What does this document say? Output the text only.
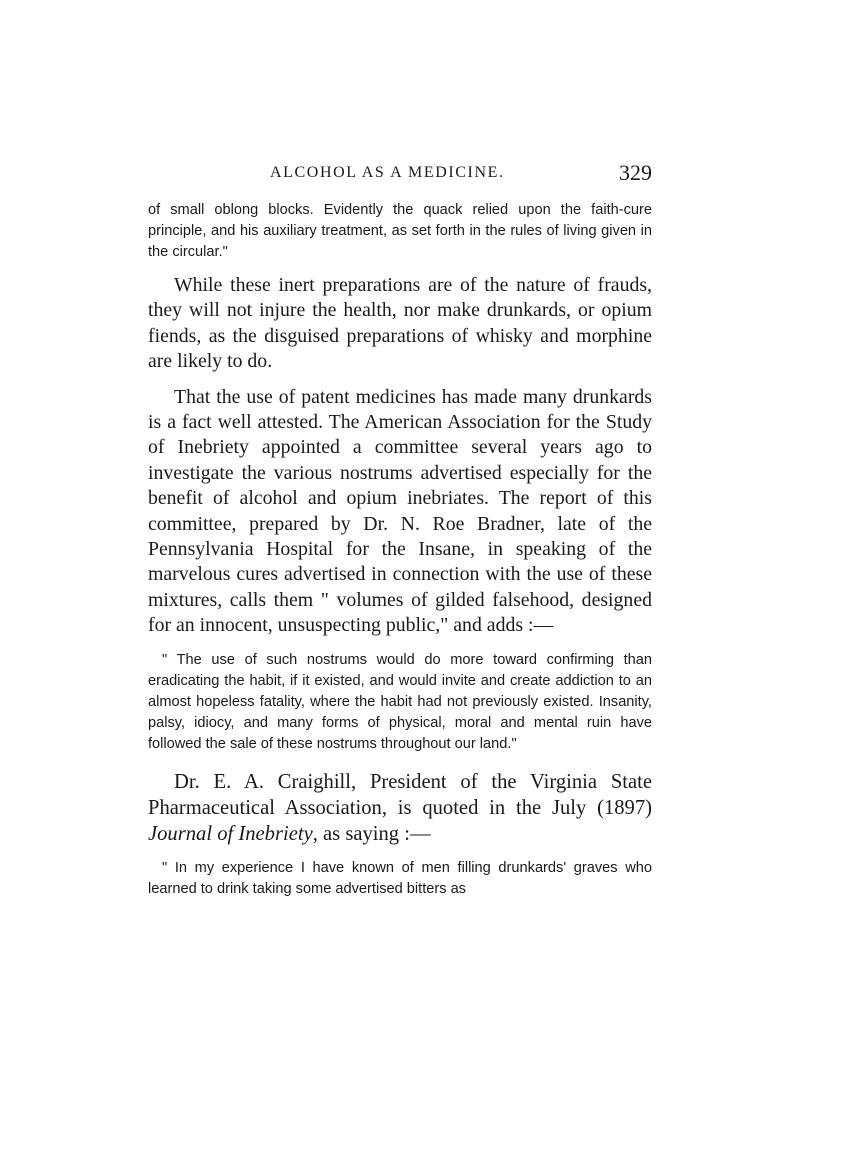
ALCOHOL AS A MEDICINE.	329

of small oblong blocks. Evidently the quack relied upon the faith-cure principle, and his auxiliary treatment, as set forth in the rules of living given in the circular."

While these inert preparations are of the nature of frauds, they will not injure the health, nor make drunkards, or opium fiends, as the disguised preparations of whisky and morphine are likely to do.

That the use of patent medicines has made many drunkards is a fact well attested. The American Association for the Study of Inebriety appointed a committee several years ago to investigate the various nostrums advertised especially for the benefit of alcohol and opium inebriates. The report of this committee, prepared by Dr. N. Roe Bradner, late of the Pennsylvania Hospital for the Insane, in speaking of the marvelous cures advertised in connection with the use of these mixtures, calls them " volumes of gilded falsehood, designed for an innocent, unsuspecting public," and adds :—

" The use of such nostrums would do more toward confirming than eradicating the habit, if it existed, and would invite and create addiction to an almost hopeless fatality, where the habit had not previously existed. Insanity, palsy, idiocy, and many forms of physical, moral and mental ruin have followed the sale of these nostrums throughout our land."

Dr. E. A. Craighill, President of the Virginia State Pharmaceutical Association, is quoted in the July (1897) Journal of Inebriety, as saying :—

" In my experience I have known of men filling drunkards' graves who learned to drink taking some advertised bitters as
